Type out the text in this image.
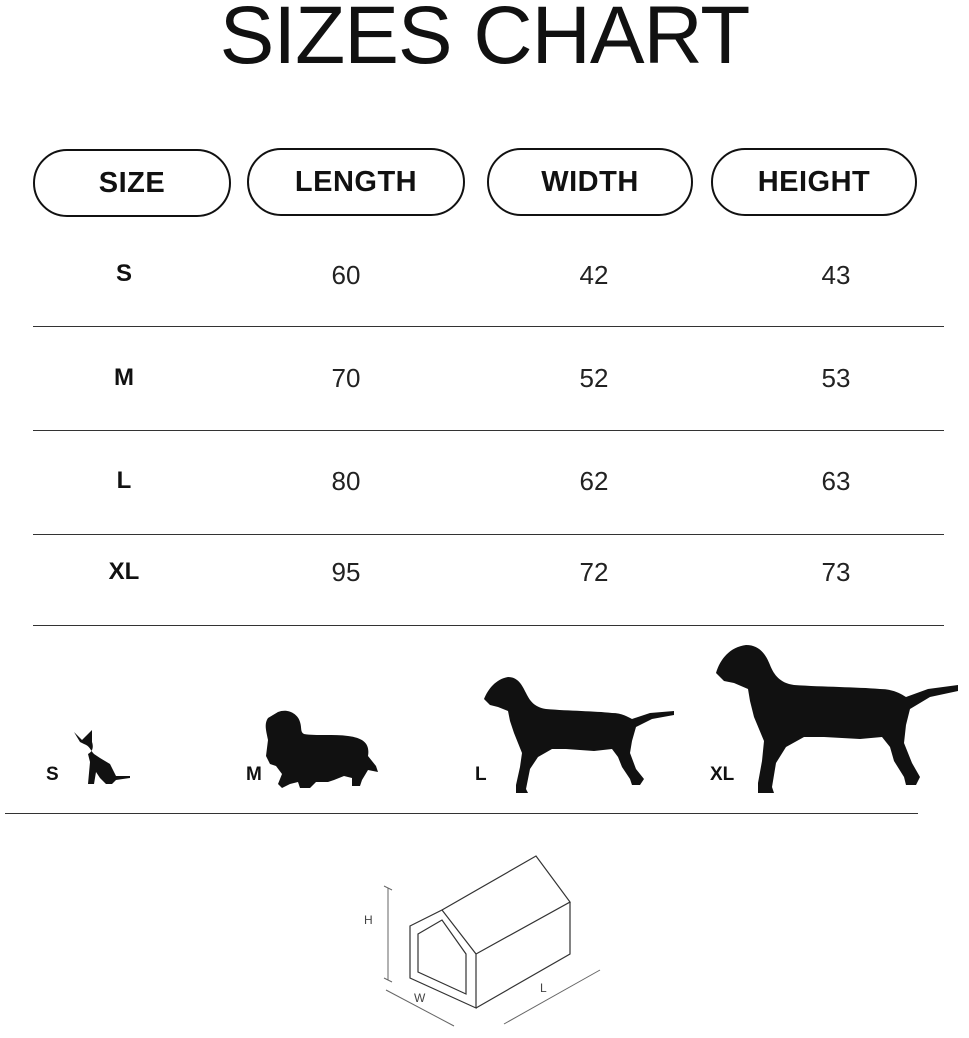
SIZES CHART
SIZE	LENGTH	WIDTH	HEIGHT
S	60	42	43
M	70	52	53
L	80	62	63
XL	95	72	73
S	M	L	XL
H
W
L
